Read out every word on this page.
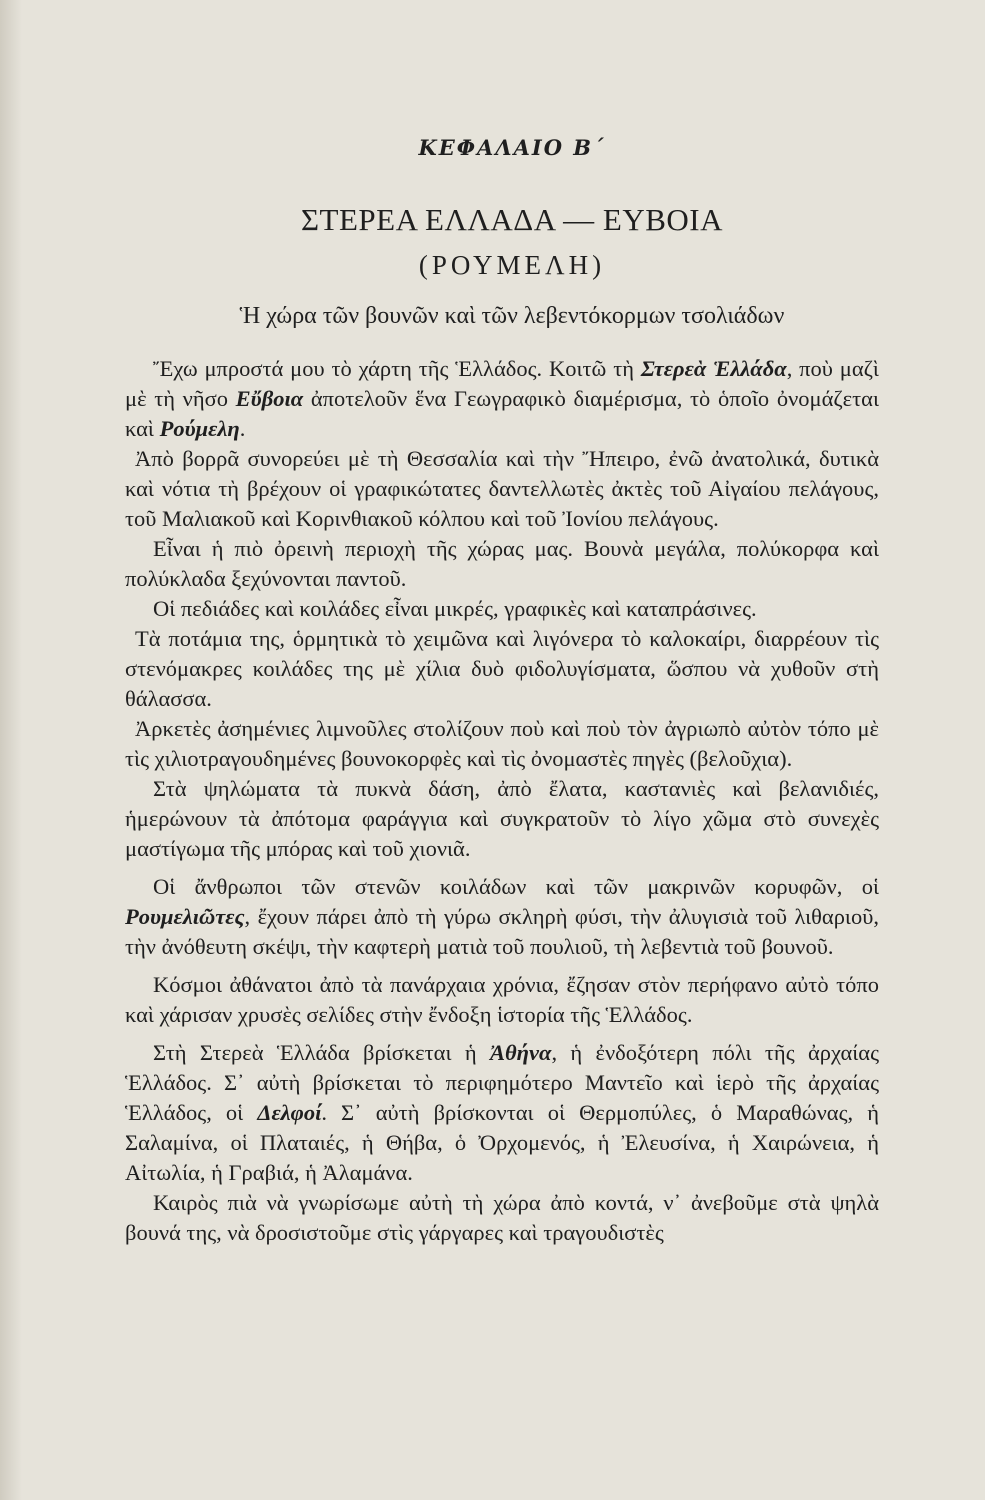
ΚΕΦΑΛΑΙΟ Β΄
ΣΤΕΡΕΑ ΕΛΛΑΔΑ — ΕΥΒΟΙΑ
(ΡΟΥΜΕΛΗ)
Ἡ χώρα τῶν βουνῶν καὶ τῶν λεβεντόκορμων τσολιάδων

Ἔχω μπροστά μου τὸ χάρτη τῆς Ἑλλάδος. Κοιτῶ τὴ Στερεὰ Ἑλλάδα, ποὺ μαζὶ μὲ τὴ νῆσο Εὔβοια ἀποτελοῦν ἕνα Γεωγραφικὸ διαμέρισμα, τὸ ὁποῖο ὀνομάζεται καὶ Ρούμελη.

Ἀπὸ βορρᾶ συνορεύει μὲ τὴ Θεσσαλία καὶ τὴν Ἤπειρο, ἐνῶ ἀνατολικά, δυτικὰ καὶ νότια τὴ βρέχουν οἱ γραφικώτατες δαντελλωτὲς ἀκτὲς τοῦ Αἰγαίου πελάγους, τοῦ Μαλιακοῦ καὶ Κορινθιακοῦ κόλπου καὶ τοῦ Ἰονίου πελάγους.

Εἶναι ἡ πιὸ ὀρεινὴ περιοχὴ τῆς χώρας μας. Βουνὰ μεγάλα, πολύκορφα καὶ πολύκλαδα ξεχύνονται παντοῦ.

Οἱ πεδιάδες καὶ κοιλάδες εἶναι μικρές, γραφικὲς καὶ καταπράσινες.

Τὰ ποτάμια της, ὁρμητικὰ τὸ χειμῶνα καὶ λιγόνερα τὸ καλοκαίρι, διαρρέουν τὶς στενόμακρες κοιλάδες της μὲ χίλια δυὸ φιδολυγίσματα, ὥσπου νὰ χυθοῦν στὴ θάλασσα.

Ἀρκετὲς ἀσημένιες λιμνοῦλες στολίζουν ποὺ καὶ ποὺ τὸν ἀγριωπὸ αὐτὸν τόπο μὲ τὶς χιλιοτραγουδημένες βουνοκορφὲς καὶ τὶς ὀνομαστὲς πηγὲς (βελοῦχια).

Στὰ ψηλώματα τὰ πυκνὰ δάση, ἀπὸ ἔλατα, καστανιὲς καὶ βελανιδιές, ἡμερώνουν τὰ ἀπότομα φαράγγια καὶ συγκρατοῦν τὸ λίγο χῶμα στὸ συνεχὲς μαστίγωμα τῆς μπόρας καὶ τοῦ χιονιᾶ.

Οἱ ἄνθρωποι τῶν στενῶν κοιλάδων καὶ τῶν μακρινῶν κορυφῶν, οἱ Ρουμελιῶτες, ἔχουν πάρει ἀπὸ τὴ γύρω σκληρὴ φύσι, τὴν ἀλυγισιὰ τοῦ λιθαριοῦ, τὴν ἀνόθευτη σκέψι, τὴν καφτερὴ ματιὰ τοῦ πουλιοῦ, τὴ λεβεντιὰ τοῦ βουνοῦ.

Κόσμοι ἀθάνατοι ἀπὸ τὰ πανάρχαια χρόνια, ἔζησαν στὸν περήφανο αὐτὸ τόπο καὶ χάρισαν χρυσὲς σελίδες στὴν ἔνδοξη ἱστορία τῆς Ἑλλάδος.

Στὴ Στερεὰ Ἑλλάδα βρίσκεται ἡ Ἀθήνα, ἡ ἐνδοξότερη πόλι τῆς ἀρχαίας Ἑλλάδος. Σ᾽ αὐτὴ βρίσκεται τὸ περιφημότερο Μαντεῖο καὶ ἱερὸ τῆς ἀρχαίας Ἑλλάδος, οἱ Δελφοί. Σ᾽ αὐτὴ βρίσκονται οἱ Θερμοπύλες, ὁ Μαραθώνας, ἡ Σαλαμίνα, οἱ Πλαταιές, ἡ Θήβα, ὁ Ὀρχομενός, ἡ Ἐλευσίνα, ἡ Χαιρώνεια, ἡ Αἰτωλία, ἡ Γραβιά, ἡ Ἀλαμάνα.

Καιρὸς πιὰ νὰ γνωρίσωμε αὐτὴ τὴ χώρα ἀπὸ κοντά, ν᾽ ἀνεβοῦμε στὰ ψηλὰ βουνά της, νὰ δροσιστοῦμε στὶς γάργαρες καὶ τραγουδιστὲς
